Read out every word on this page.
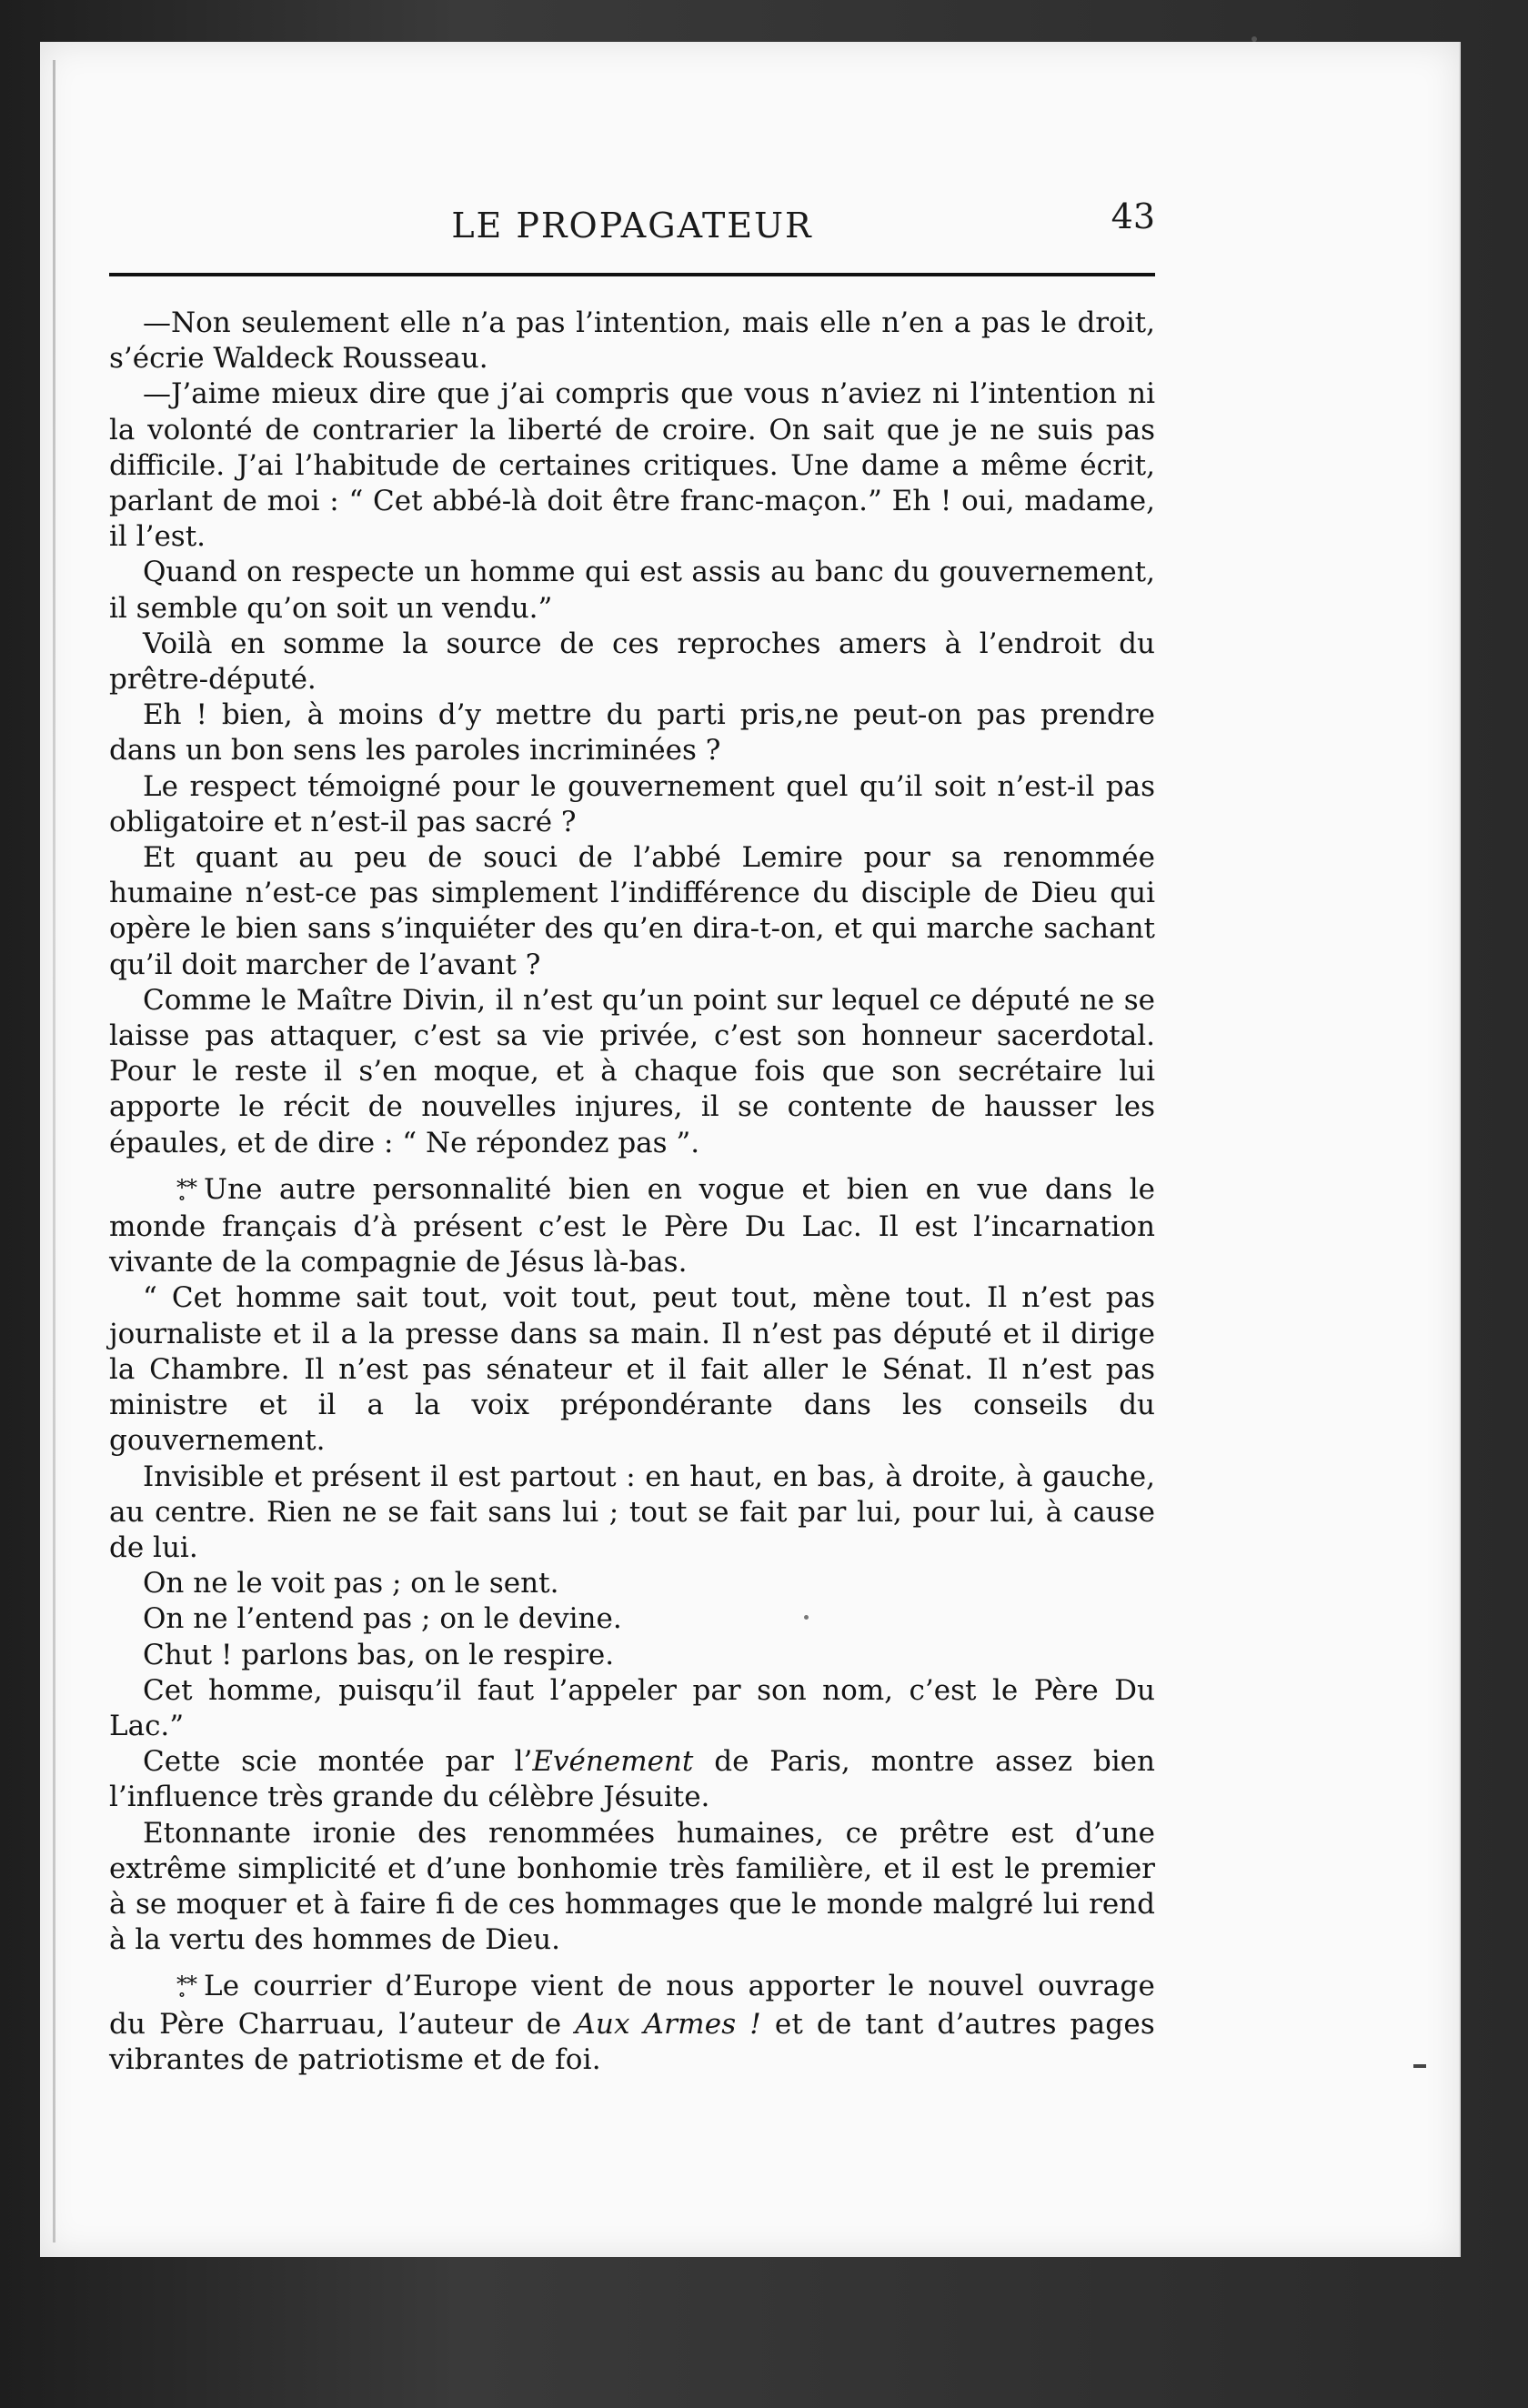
LE PROPAGATEUR	43

—Non seulement elle n’a pas l’intention, mais elle n’en a pas le droit, s’écrie Waldeck Rousseau.

—J’aime mieux dire que j’ai compris que vous n’aviez ni l’intention ni la volonté de contrarier la liberté de croire. On sait que je ne suis pas difficile. J’ai l’habitude de certaines critiques. Une dame a même écrit, parlant de moi : “ Cet abbé-là doit être franc-maçon.” Eh ! oui, madame, il l’est.

Quand on respecte un homme qui est assis au banc du gouvernement, il semble qu’on soit un vendu.”

Voilà en somme la source de ces reproches amers à l’endroit du prêtre-député.

Eh ! bien, à moins d’y mettre du parti pris,ne peut-on pas prendre dans un bon sens les paroles incriminées ?

Le respect témoigné pour le gouvernement quel qu’il soit n’est-il pas obligatoire et n’est-il pas sacré ?

Et quant au peu de souci de l’abbé Lemire pour sa renommée humaine n’est-ce pas simplement l’indifférence du disciple de Dieu qui opère le bien sans s’inquiéter des qu’en dira-t-on, et qui marche sachant qu’il doit marcher de l’avant ?

Comme le Maître Divin, il n’est qu’un point sur lequel ce député ne se laisse pas attaquer, c’est sa vie privée, c’est son honneur sacerdotal. Pour le reste il s’en moque, et à chaque fois que son secrétaire lui apporte le récit de nouvelles injures, il se contente de hausser les épaules, et de dire : “ Ne répondez pas ”.

*̥* Une autre personnalité bien en vogue et bien en vue dans le monde français d’à présent c’est le Père Du Lac. Il est l’incarnation vivante de la compagnie de Jésus là-bas.

“ Cet homme sait tout, voit tout, peut tout, mène tout. Il n’est pas journaliste et il a la presse dans sa main. Il n’est pas député et il dirige la Chambre. Il n’est pas sénateur et il fait aller le Sénat. Il n’est pas ministre et il a la voix prépondérante dans les conseils du gouvernement.

Invisible et présent il est partout : en haut, en bas, à droite, à gauche, au centre. Rien ne se fait sans lui ; tout se fait par lui, pour lui, à cause de lui.

On ne le voit pas ; on le sent.

On ne l’entend pas ; on le devine.

Chut ! parlons bas, on le respire.

Cet homme, puisqu’il faut l’appeler par son nom, c’est le Père Du Lac.”

Cette scie montée par l’Evénement de Paris, montre assez bien l’influence très grande du célèbre Jésuite.

Etonnante ironie des renommées humaines, ce prêtre est d’une extrême simplicité et d’une bonhomie très familière, et il est le premier à se moquer et à faire fi de ces hommages que le monde malgré lui rend à la vertu des hommes de Dieu.

*̥* Le courrier d’Europe vient de nous apporter le nouvel ouvrage du Père Charruau, l’auteur de Aux Armes ! et de tant d’autres pages vibrantes de patriotisme et de foi.
